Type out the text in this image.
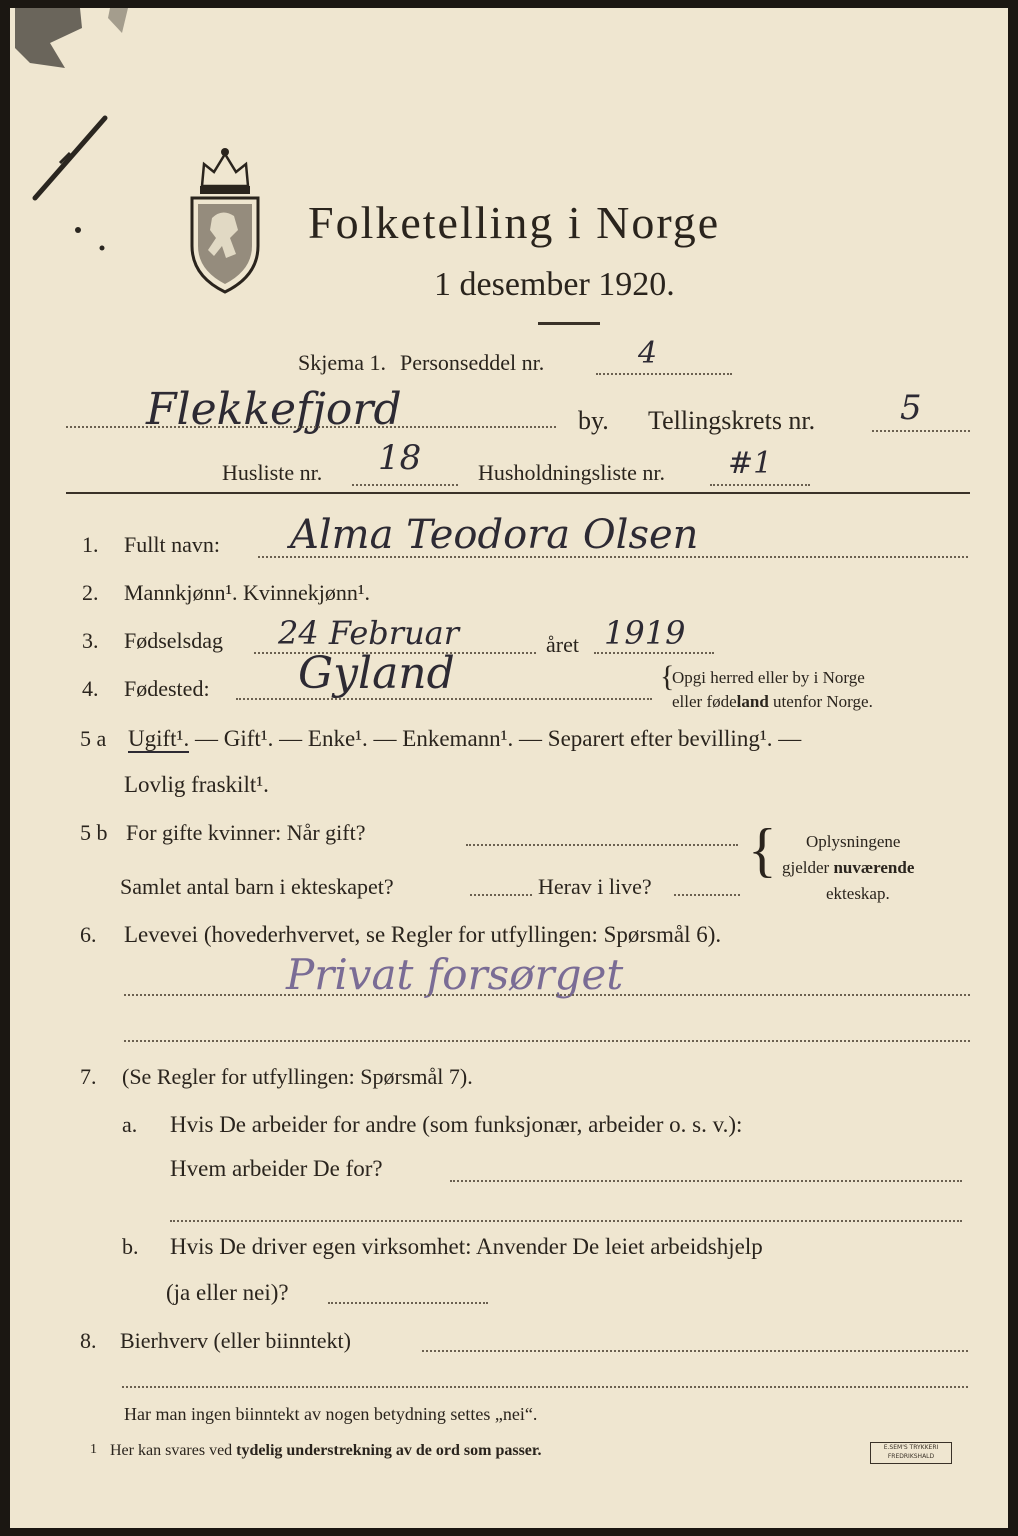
Folketelling i Norge
1 desember 1920.
Skjema 1. Personseddel nr.	4
Flekkefjord	by. Tellingskrets nr. 5
Husliste nr. 18	Husholdningsliste nr. #1
1. Fullt navn: Alma Teodora Olsen
2. Mannkjønn¹. Kvinnekjønn¹.
3. Fødselsdag 24 Februar	året 1919
4. Fødested: Gyland	{
Opgi herred eller by i Norge
eller fødeland utenfor Norge.
5 a Ugift¹. — Gift¹. — Enke¹. — Enkemann¹. — Separert efter bevilling¹. —
Lovlig fraskilt¹.
5 b For gifte kvinner: Når gift?
Samlet antal barn i ekteskapet?	Herav i live?
{ Oplysningene
gjelder nuværende
ekteskap.
6. Levevei (hovederhvervet, se Regler for utfyllingen: Spørsmål 6).
Privat forsørget
7. (Se Regler for utfyllingen: Spørsmål 7).
a. Hvis De arbeider for andre (som funksjonær, arbeider o. s. v.):
Hvem arbeider De for?
b. Hvis De driver egen virksomhet: Anvender De leiet arbeidshjelp
(ja eller nei)?
8. Bierhverv (eller biinntekt)
Har man ingen biinntekt av nogen betydning settes „nei“.
1 Her kan svares ved tydelig understrekning av de ord som passer.	E.SEM'S TRYKKERI
FREDRIKSHALD
